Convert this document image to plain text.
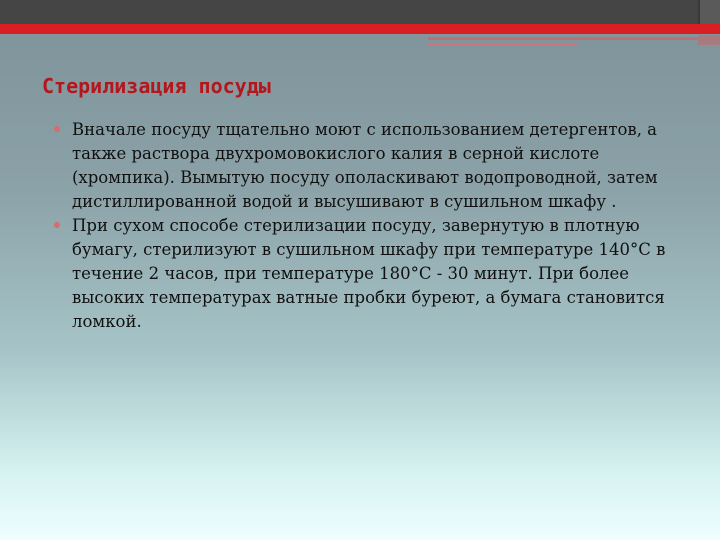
Стерилизация посуды
Вначале посуду тщательно моют с использованием детергентов, а также раствора двухромовокислого калия в серной кислоте (хромпика). Вымытую посуду ополаскивают водопроводной, затем дистиллированной водой и высушивают в сушильном шкафу .
При сухом способе стерилизации посуду, завернутую в плотную бумагу, стерилизуют в сушильном шкафу при температуре 140°С в течение 2 часов, при температуре 180°С - 30 минут. При более высоких температурах ватные пробки буреют, а бумага становится ломкой.
